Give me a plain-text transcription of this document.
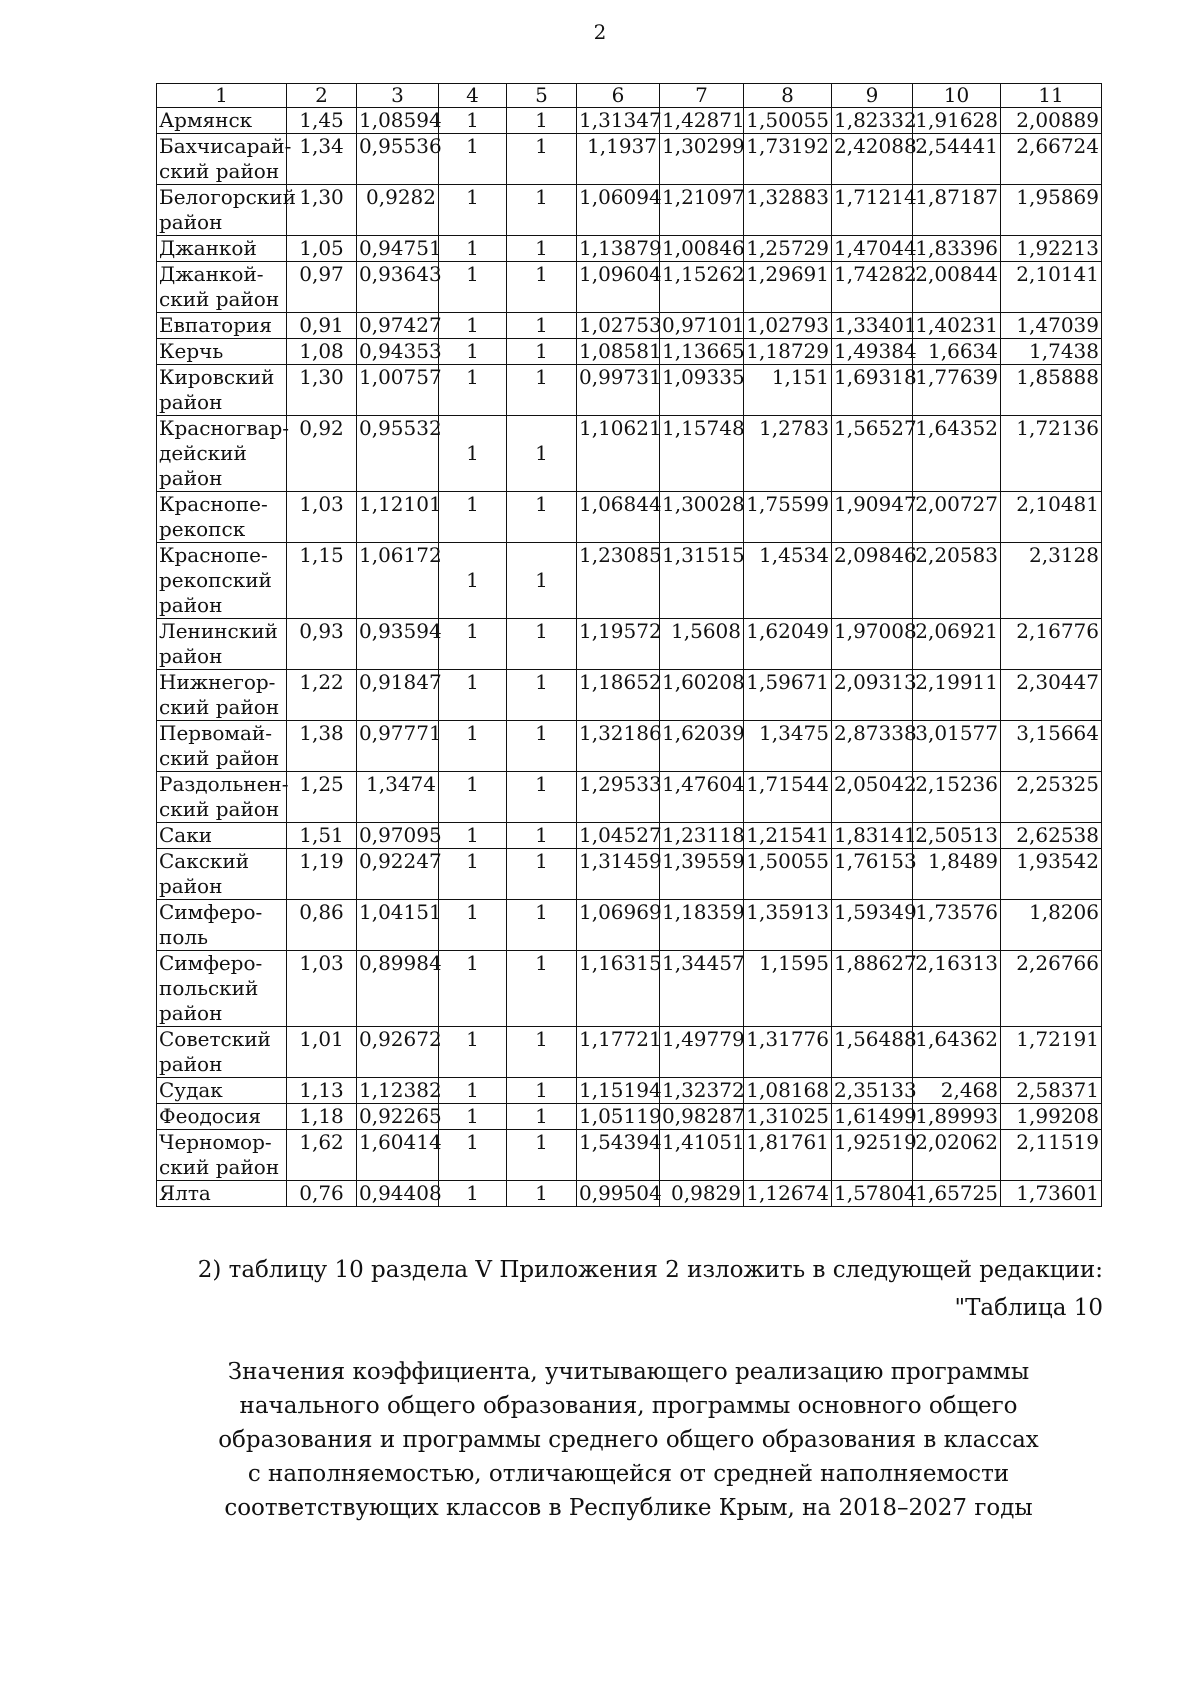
2
1	2	3	4	5	6	7	8	9	10	11

Армянск	1,45	1,08594	1	1	1,31347	1,42871	1,50055	1,82332	1,91628	2,00889

Бахчисарай-
ский район	1,34	0,95536	1	1	1,1937	1,30299	1,73192	2,42088	2,54441	2,66724

Белогорский
район	1,30	0,9282	1	1	1,06094	1,21097	1,32883	1,71214	1,87187	1,95869

Джанкой	1,05	0,94751	1	1	1,13879	1,00846	1,25729	1,47044	1,83396	1,92213

Джанкой-
ский район	0,97	0,93643	1	1	1,09604	1,15262	1,29691	1,74282	2,00844	2,10141

Евпатория	0,91	0,97427	1	1	1,02753	0,97101	1,02793	1,33401	1,40231	1,47039

Керчь	1,08	0,94353	1	1	1,08581	1,13665	1,18729	1,49384	1,6634	1,7438

Кировский
район	1,30	1,00757	1	1	0,99731	1,09335	1,151	1,69318	1,77639	1,85888

Красногвар-
дейский
район	0,92	0,95532	1	1	1,10621	1,15748	1,2783	1,56527	1,64352	1,72136

Краснопе-
рекопск	1,03	1,12101	1	1	1,06844	1,30028	1,75599	1,90947	2,00727	2,10481

Краснопе-
рекопский
район	1,15	1,06172	1	1	1,23085	1,31515	1,4534	2,09846	2,20583	2,3128

Ленинский
район	0,93	0,93594	1	1	1,19572	1,5608	1,62049	1,97008	2,06921	2,16776

Нижнегор-
ский район	1,22	0,91847	1	1	1,18652	1,60208	1,59671	2,09313	2,19911	2,30447

Первомай-
ский район	1,38	0,97771	1	1	1,32186	1,62039	1,3475	2,87338	3,01577	3,15664

Раздольнен-
ский район	1,25	1,3474	1	1	1,29533	1,47604	1,71544	2,05042	2,15236	2,25325

Саки	1,51	0,97095	1	1	1,04527	1,23118	1,21541	1,83141	2,50513	2,62538

Сакский
район	1,19	0,92247	1	1	1,31459	1,39559	1,50055	1,76153	1,8489	1,93542

Симферо-
поль	0,86	1,04151	1	1	1,06969	1,18359	1,35913	1,59349	1,73576	1,8206

Симферо-
польский
район	1,03	0,89984	1	1	1,16315	1,34457	1,1595	1,88627	2,16313	2,26766

Советский
район	1,01	0,92672	1	1	1,17721	1,49779	1,31776	1,56488	1,64362	1,72191

Судак	1,13	1,12382	1	1	1,15194	1,32372	1,08168	2,35133	2,468	2,58371

Феодосия	1,18	0,92265	1	1	1,05119	0,98287	1,31025	1,61499	1,89993	1,99208

Черномор-
ский район	1,62	1,60414	1	1	1,54394	1,41051	1,81761	1,92519	2,02062	2,11519

Ялта	0,76	0,94408	1	1	0,99504	0,9829	1,12674	1,57804	1,65725	1,73601
2) таблицу 10 раздела V Приложения 2 изложить в следующей редакции:
"Таблица 10
Значения коэффициента, учитывающего реализацию программы
начального общего образования, программы основного общего
образования и программы среднего общего образования в классах
с наполняемостью, отличающейся от средней наполняемости
соответствующих классов в Республике Крым, на 2018–2027 годы
